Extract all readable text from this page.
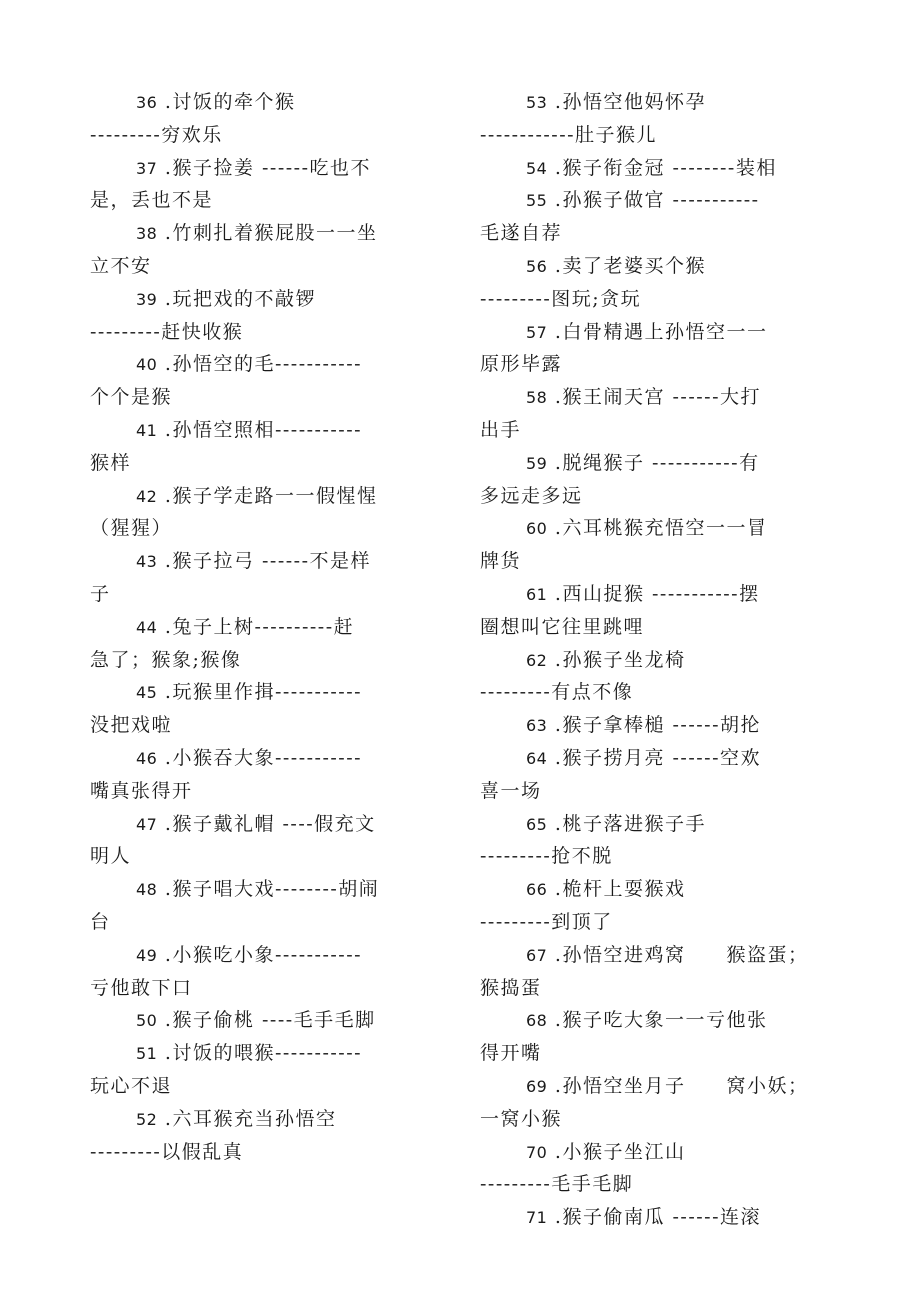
36 .讨饭的牵个猴
---------穷欢乐
37 .猴子捡姜 ------吃也不
是，丢也不是
38 .竹刺扎着猴屁股一一坐
立不安
39 .玩把戏的不敲锣
---------赶快收猴
40 .孙悟空的毛-----------
个个是猴
41 .孙悟空照相-----------
猴样
42 .猴子学走路一一假惺惺
（猩猩）
43 .猴子拉弓 ------不是样
子
44 .兔子上树----------赶
急了；猴象;猴像
45 .玩猴里作揖-----------
没把戏啦
46 .小猴吞大象-----------
嘴真张得开
47 .猴子戴礼帽 ----假充文
明人
48 .猴子唱大戏--------胡闹
台
49 .小猴吃小象-----------
亏他敢下口
50 .猴子偷桃 ----毛手毛脚
51 .讨饭的喂猴-----------
玩心不退
52 .六耳猴充当孙悟空
---------以假乱真
53 .孙悟空他妈怀孕
------------肚子猴儿
54 .猴子衔金冠 --------装相
55 .孙猴子做官 -----------
毛遂自荐
56 .卖了老婆买个猴
---------图玩;贪玩
57 .白骨精遇上孙悟空一一
原形毕露
58 .猴王闹天宫 ------大打
出手
59 .脱绳猴子 -----------有
多远走多远
60 .六耳桃猴充悟空一一冒
牌货
61 .西山捉猴 -----------摆
圈想叫它往里跳哩
62 .孙猴子坐龙椅
---------有点不像
63 .猴子拿棒槌 ------胡抡
64 .猴子捞月亮 ------空欢
喜一场
65 .桃子落进猴子手
---------抢不脱
66 .桅杆上耍猴戏
---------到顶了
67 .孙悟空进鸡窝　　猴盗蛋；
猴捣蛋
68 .猴子吃大象一一亏他张
得开嘴
69 .孙悟空坐月子　　窝小妖；
一窝小猴
70 .小猴子坐江山
---------毛手毛脚
71 .猴子偷南瓜 ------连滚
